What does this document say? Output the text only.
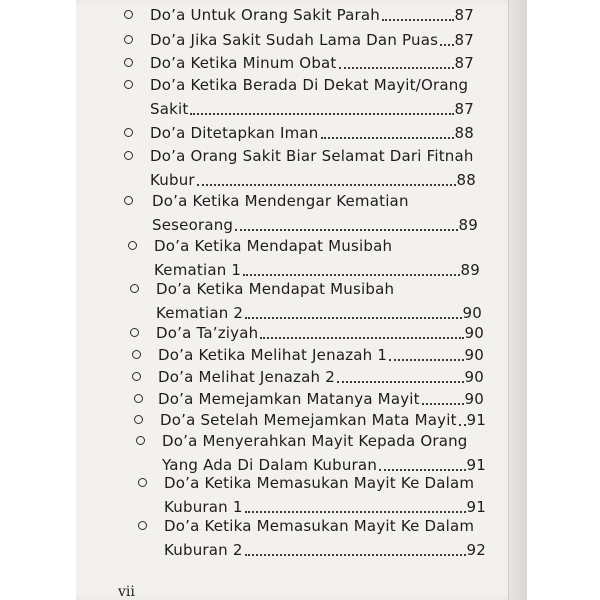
Do’a Untuk Orang Sakit Parah	87
Do’a Jika Sakit Sudah Lama Dan Puas 87
Do’a Ketika Minum Obat	87
Do’a Ketika Berada Di Dekat Mayit/Orang
Sakit	87
Do’a Ditetapkan Iman	88
Do’a Orang Sakit Biar Selamat Dari Fitnah
Kubur	88
Do’a Ketika Mendengar Kematian
Seseorang	89
Do’a Ketika Mendapat Musibah
Kematian 1	89
Do’a Ketika Mendapat Musibah
Kematian 2	90
Do’a Ta’ziyah	90
Do’a Ketika Melihat Jenazah 1	90
Do’a Melihat Jenazah 2	90
Do’a Memejamkan Matanya Mayit	90
Do’a Setelah Memejamkan Mata Mayit 91
Do’a Menyerahkan Mayit Kepada Orang
Yang Ada Di Dalam Kuburan	91
Do’a Ketika Memasukan Mayit Ke Dalam
Kuburan 1	91
Do’a Ketika Memasukan Mayit Ke Dalam
Kuburan 2	92
vii
